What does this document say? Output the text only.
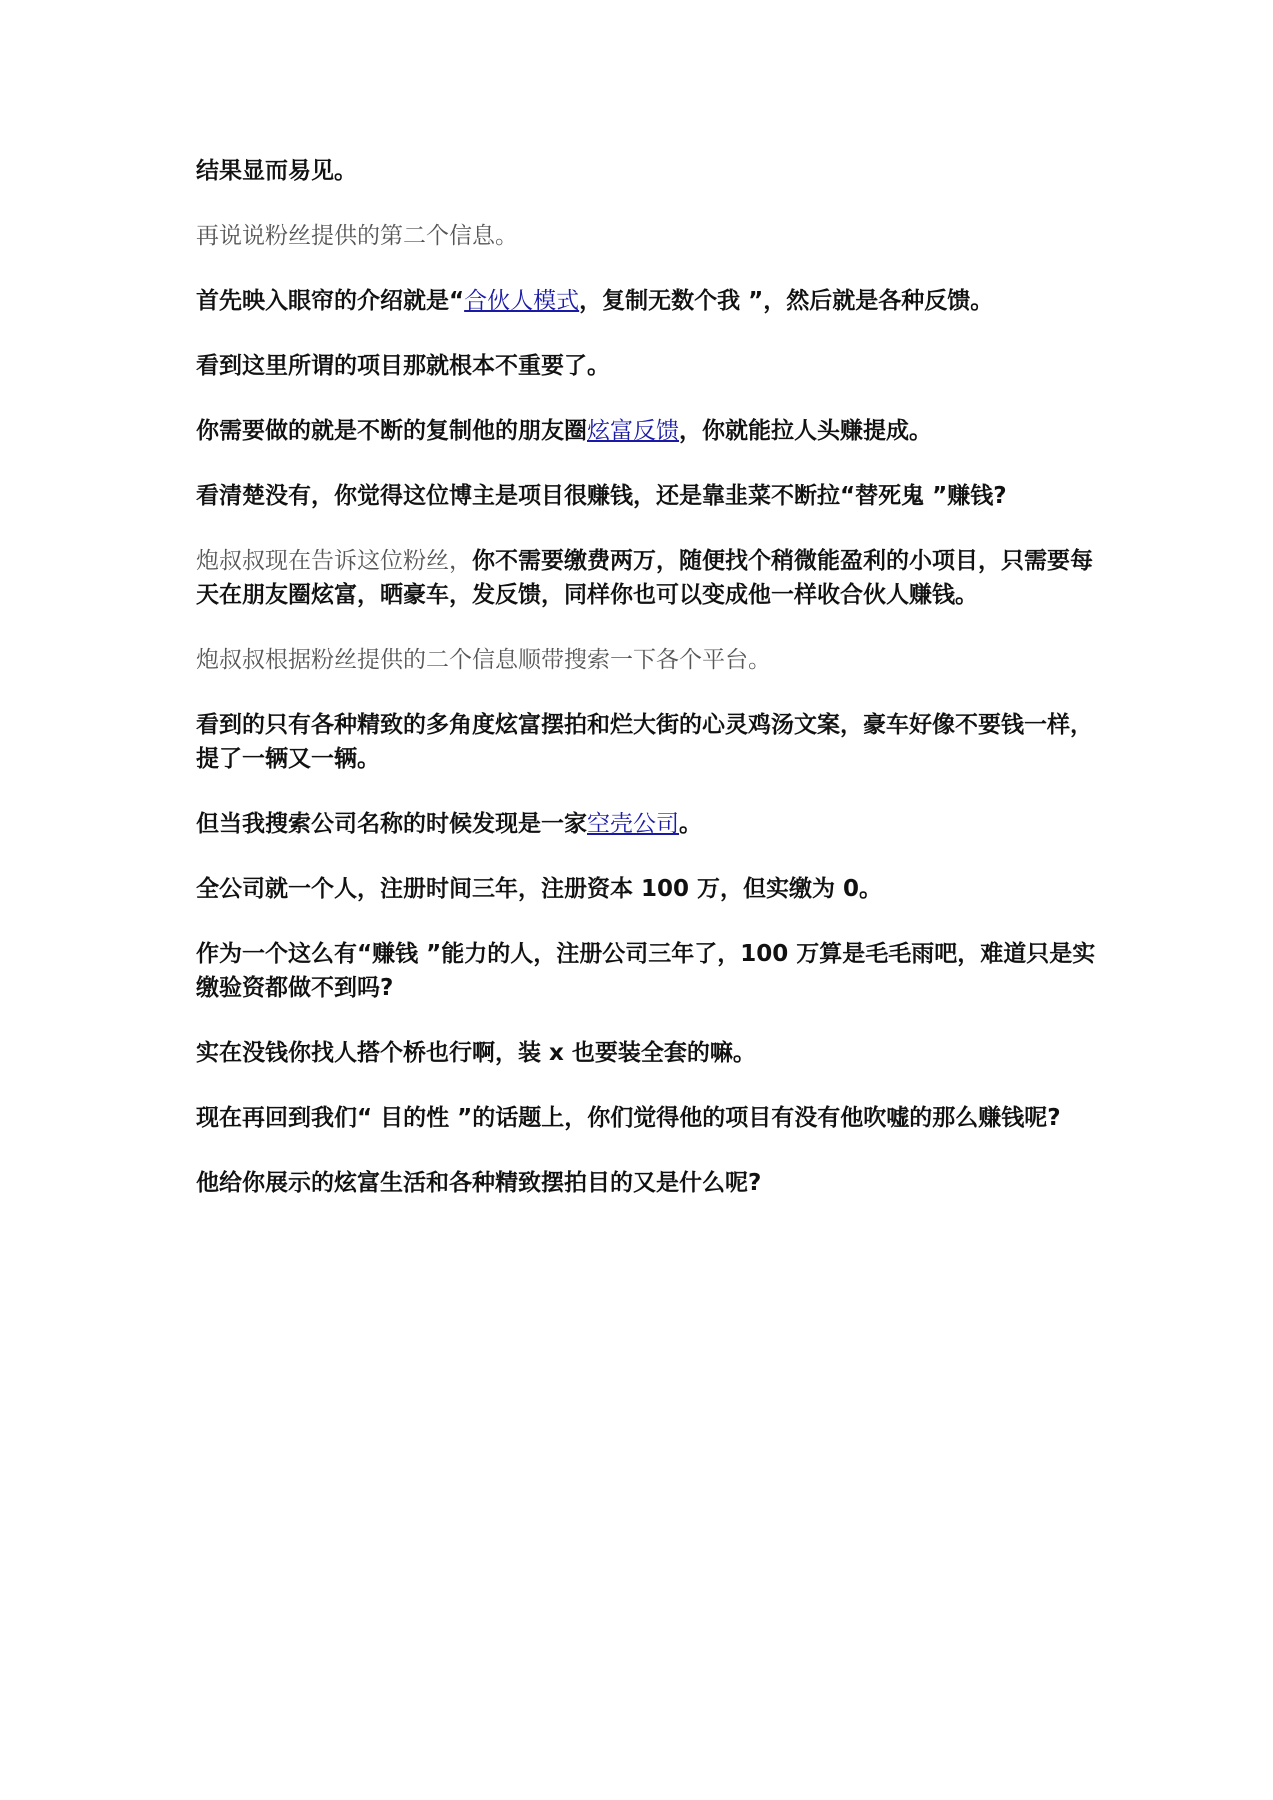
结果显而易见。

再说说粉丝提供的第二个信息。

首先映入眼帘的介绍就是“合伙人模式，复制无数个我 ”，然后就是各种反馈。

看到这里所谓的项目那就根本不重要了。

你需要做的就是不断的复制他的朋友圈炫富反馈，你就能拉人头赚提成。

看清楚没有，你觉得这位博主是项目很赚钱，还是靠韭菜不断拉“替死鬼 ”赚钱?

炮叔叔现在告诉这位粉丝，你不需要缴费两万，随便找个稍微能盈利的小项目，只需要每天在朋友圈炫富，晒豪车，发反馈，同样你也可以变成他一样收合伙人赚钱。

炮叔叔根据粉丝提供的二个信息顺带搜索一下各个平台。

看到的只有各种精致的多角度炫富摆拍和烂大街的心灵鸡汤文案，豪车好像不要钱一样，提了一辆又一辆。

但当我搜索公司名称的时候发现是一家空壳公司。

全公司就一个人，注册时间三年，注册资本 100 万，但实缴为 0。

作为一个这么有“赚钱 ”能力的人，注册公司三年了，100 万算是毛毛雨吧，难道只是实缴验资都做不到吗?

实在没钱你找人搭个桥也行啊，装 x 也要装全套的嘛。

现在再回到我们“ 目的性 ”的话题上，你们觉得他的项目有没有他吹嘘的那么赚钱呢?

他给你展示的炫富生活和各种精致摆拍目的又是什么呢?
